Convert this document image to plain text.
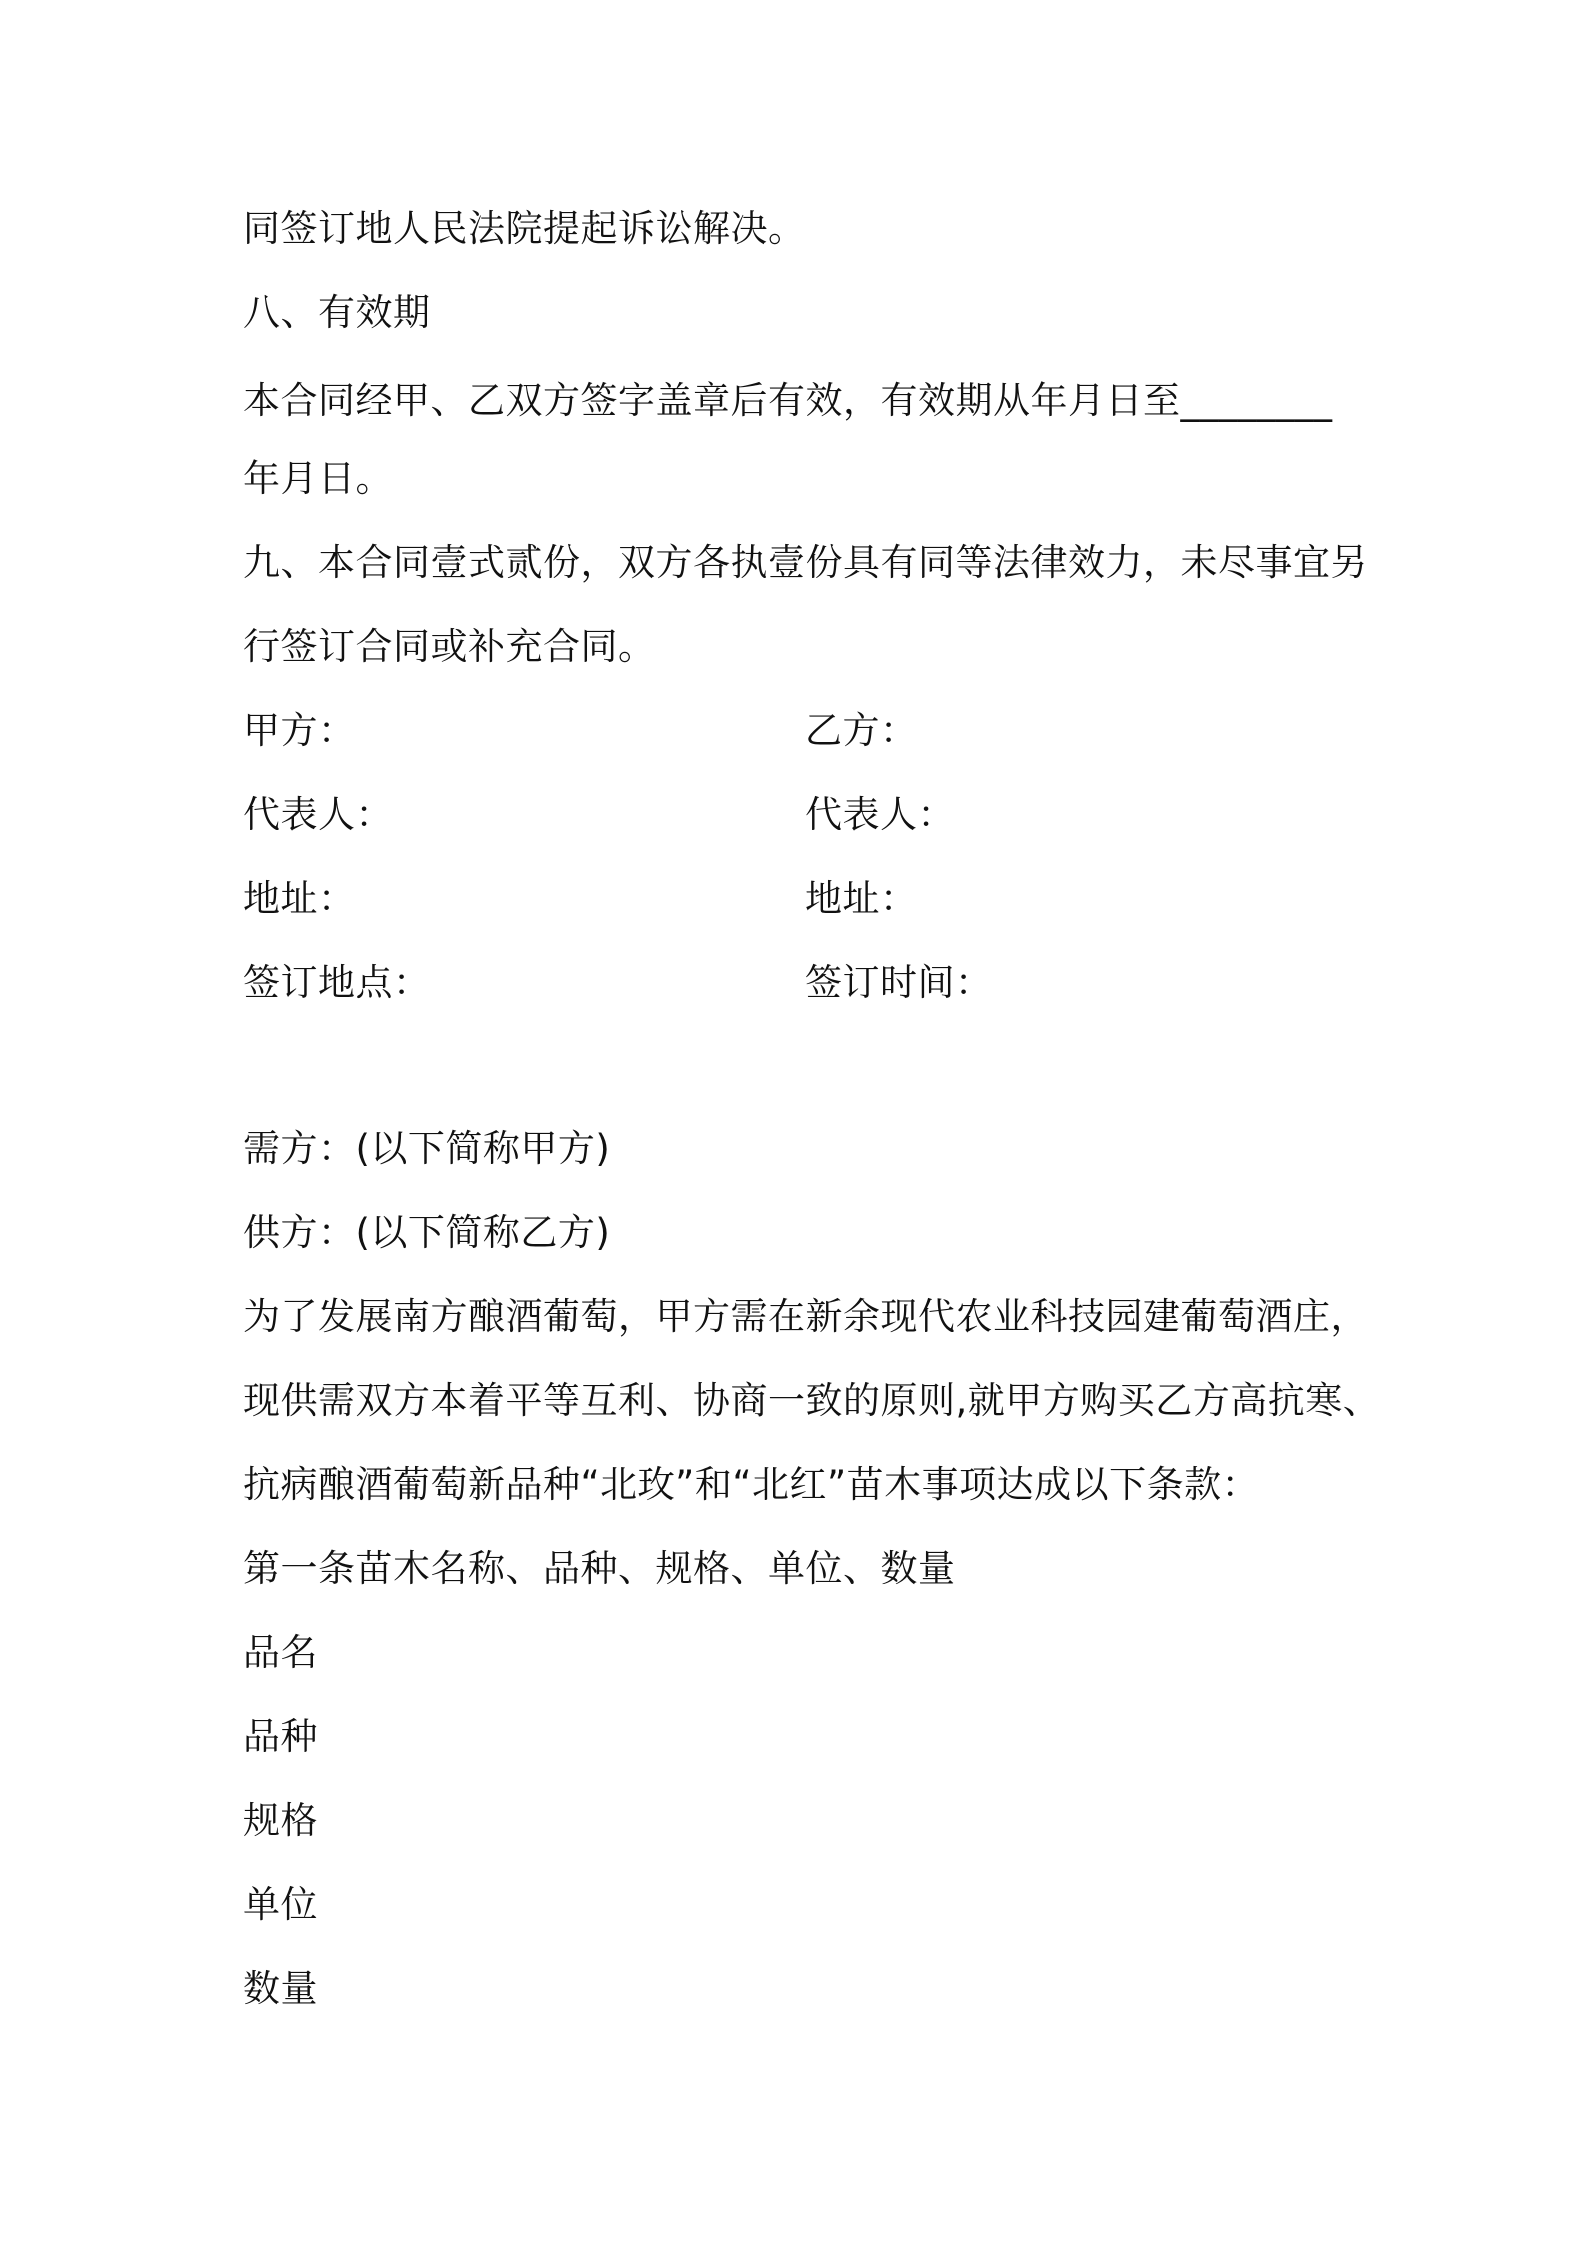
同签订地人民法院提起诉讼解决。
八、有效期
本合同经甲、乙双方签字盖章后有效，有效期从年月日至________
年月日。
九、本合同壹式贰份，双方各执壹份具有同等法律效力，未尽事宜另
行签订合同或补充合同。
甲方：	乙方：
代表人：	代表人：
地址：	地址：
签订地点：	签订时间：
需方：(以下简称甲方)
供方：(以下简称乙方)
为了发展南方酿酒葡萄，甲方需在新余现代农业科技园建葡萄酒庄，
现供需双方本着平等互利、协商一致的原则,就甲方购买乙方高抗寒、
抗病酿酒葡萄新品种“北玫”和“北红”苗木事项达成以下条款：
第一条苗木名称、品种、规格、单位、数量
品名
品种
规格
单位
数量
